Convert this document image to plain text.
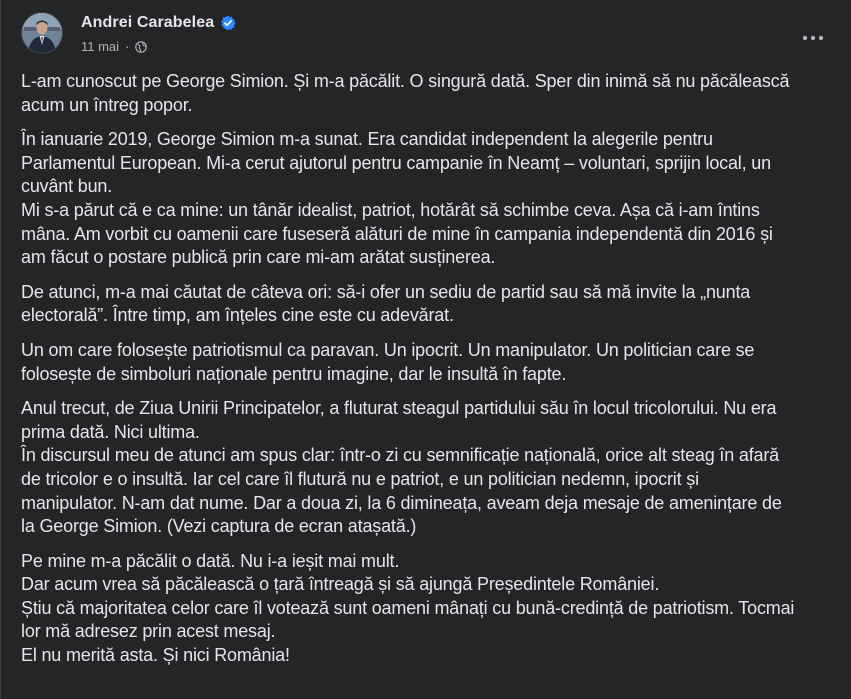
Andrei Carabelea
11 mai ·

L-am cunoscut pe George Simion. Și m-a păcălit. O singură dată. Sper din inimă să nu păcălească
acum un întreg popor.

În ianuarie 2019, George Simion m-a sunat. Era candidat independent la alegerile pentru
Parlamentul European. Mi-a cerut ajutorul pentru campanie în Neamț – voluntari, sprijin local, un
cuvânt bun.
Mi s-a părut că e ca mine: un tânăr idealist, patriot, hotărât să schimbe ceva. Așa că i-am întins
mâna. Am vorbit cu oamenii care fuseseră alături de mine în campania independentă din 2016 și
am făcut o postare publică prin care mi-am arătat susținerea.

De atunci, m-a mai căutat de câteva ori: să-i ofer un sediu de partid sau să mă invite la „nunta
electorală”. Între timp, am înțeles cine este cu adevărat.

Un om care folosește patriotismul ca paravan. Un ipocrit. Un manipulator. Un politician care se
folosește de simboluri naționale pentru imagine, dar le insultă în fapte.

Anul trecut, de Ziua Unirii Principatelor, a fluturat steagul partidului său în locul tricolorului. Nu era
prima dată. Nici ultima.
În discursul meu de atunci am spus clar: într-o zi cu semnificație națională, orice alt steag în afară
de tricolor e o insultă. Iar cel care îl flutură nu e patriot, e un politician nedemn, ipocrit și
manipulator. N-am dat nume. Dar a doua zi, la 6 dimineața, aveam deja mesaje de amenințare de
la George Simion. (Vezi captura de ecran atașată.)

Pe mine m-a păcălit o dată. Nu i-a ieșit mai mult.
Dar acum vrea să păcălească o țară întreagă și să ajungă Președintele României.
Știu că majoritatea celor care îl votează sunt oameni mânați cu bună-credință de patriotism. Tocmai
lor mă adresez prin acest mesaj.
El nu merită asta. Și nici România!
